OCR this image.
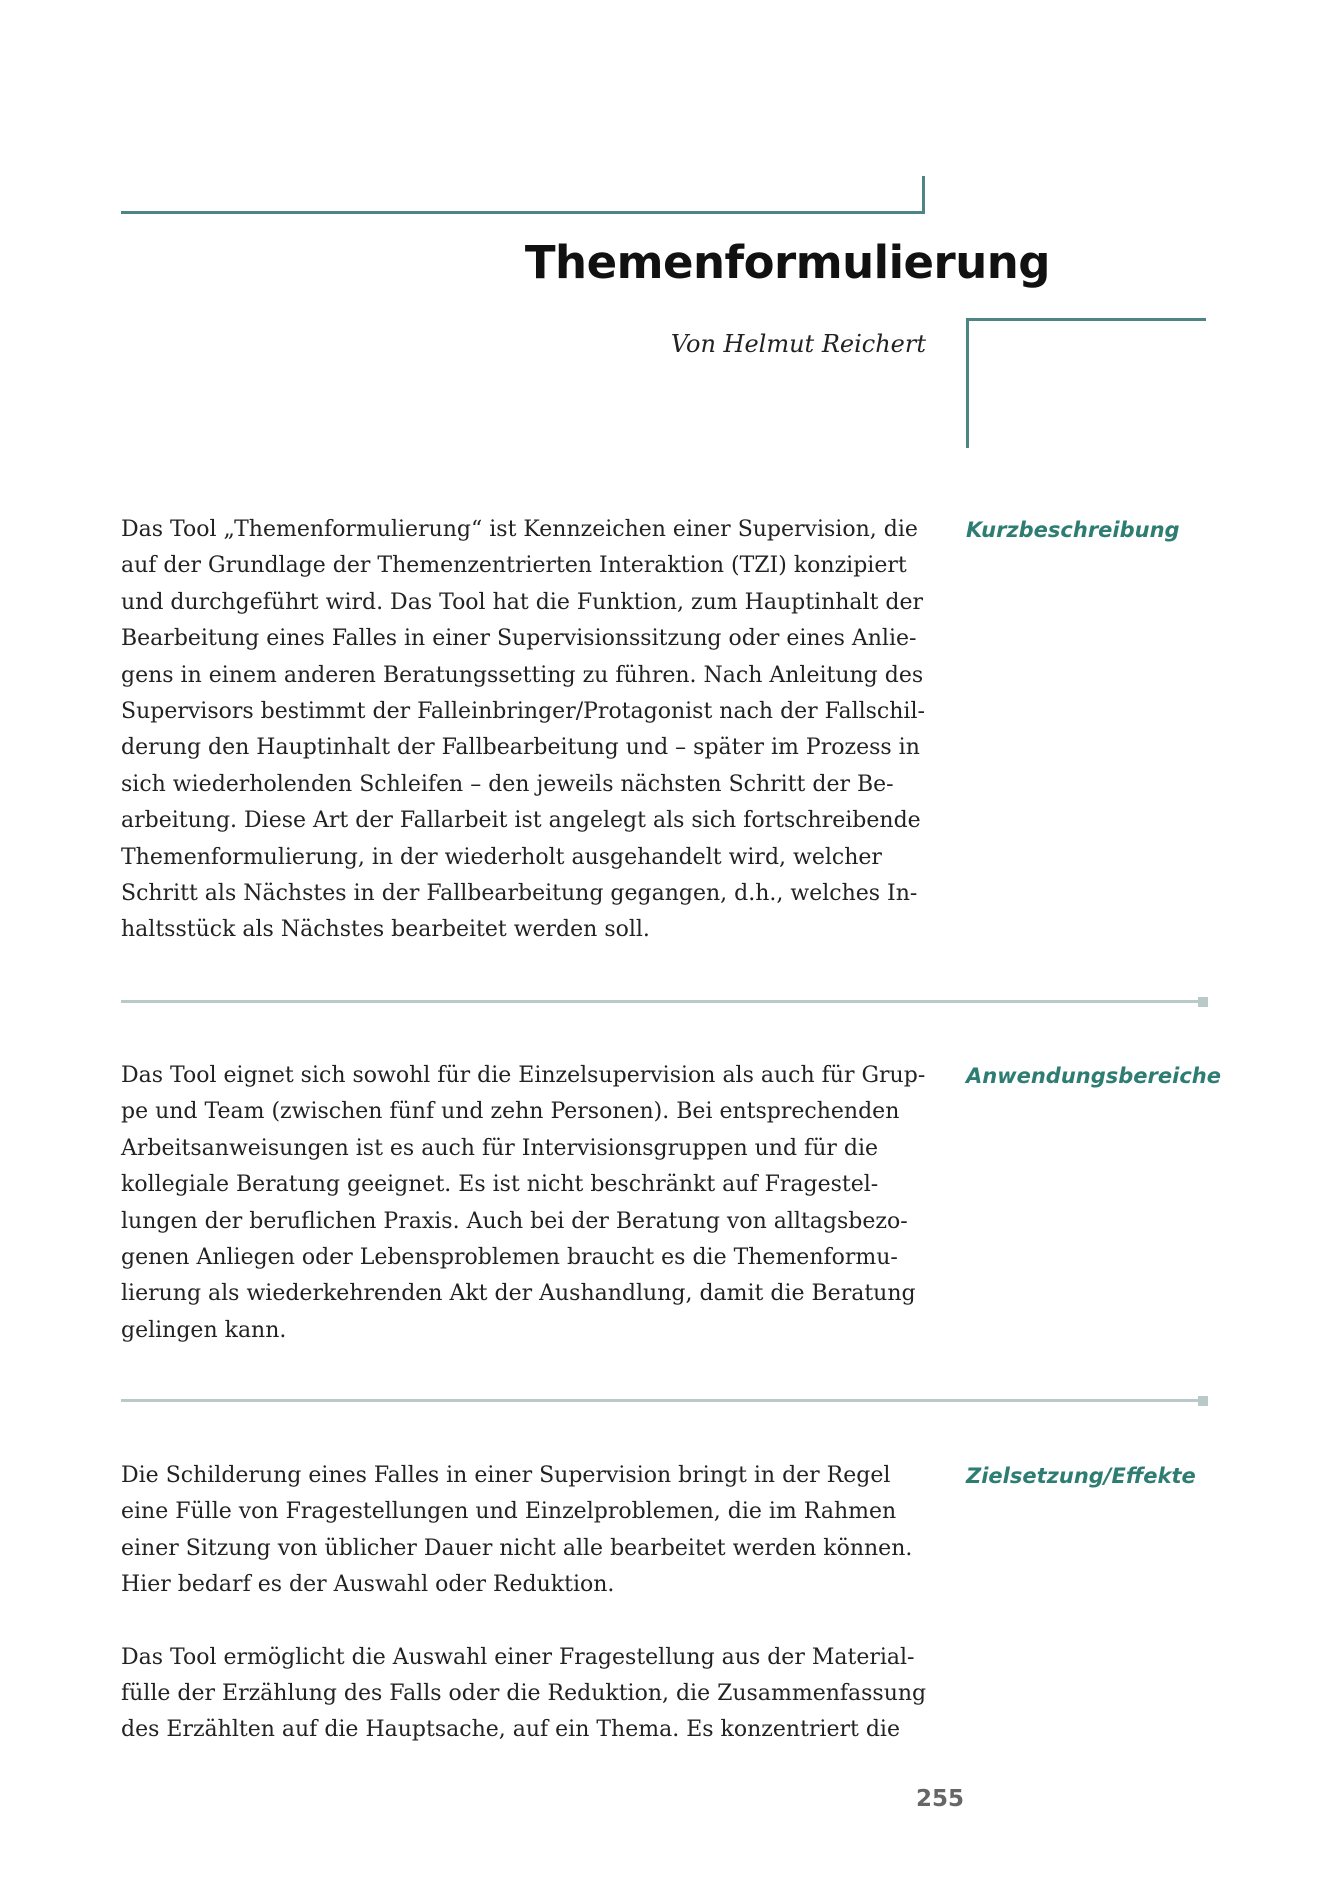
Themenformulierung
Von Helmut Reichert

Das Tool „Themenformulierung“ ist Kennzeichen einer Supervision, die
auf der Grundlage der Themenzentrierten Interaktion (TZI) konzipiert
und durchgeführt wird. Das Tool hat die Funktion, zum Hauptinhalt der
Bearbeitung eines Falles in einer Supervisionssitzung oder eines Anlie-
gens in einem anderen Beratungssetting zu führen. Nach Anleitung des
Supervisors bestimmt der Falleinbringer/Protagonist nach der Fallschil-
derung den Hauptinhalt der Fallbearbeitung und – später im Prozess in
sich wiederholenden Schleifen – den jeweils nächsten Schritt der Be-
arbeitung. Diese Art der Fallarbeit ist angelegt als sich fortschreibende
Themenformulierung, in der wiederholt ausgehandelt wird, welcher
Schritt als Nächstes in der Fallbearbeitung gegangen, d.h., welches In-
haltsstück als Nächstes bearbeitet werden soll.

Kurzbeschreibung

Das Tool eignet sich sowohl für die Einzelsupervision als auch für Grup-
pe und Team (zwischen fünf und zehn Personen). Bei entsprechenden
Arbeitsanweisungen ist es auch für Intervisionsgruppen und für die
kollegiale Beratung geeignet. Es ist nicht beschränkt auf Fragestel-
lungen der beruflichen Praxis. Auch bei der Beratung von alltagsbezo-
genen Anliegen oder Lebensproblemen braucht es die Themenformu-
lierung als wiederkehrenden Akt der Aushandlung, damit die Beratung
gelingen kann.

Anwendungsbereiche

Die Schilderung eines Falles in einer Supervision bringt in der Regel
eine Fülle von Fragestellungen und Einzelproblemen, die im Rahmen
einer Sitzung von üblicher Dauer nicht alle bearbeitet werden können.
Hier bedarf es der Auswahl oder Reduktion.

Das Tool ermöglicht die Auswahl einer Fragestellung aus der Material-
fülle der Erzählung des Falls oder die Reduktion, die Zusammenfassung
des Erzählten auf die Hauptsache, auf ein Thema. Es konzentriert die

Zielsetzung/Effekte
255
